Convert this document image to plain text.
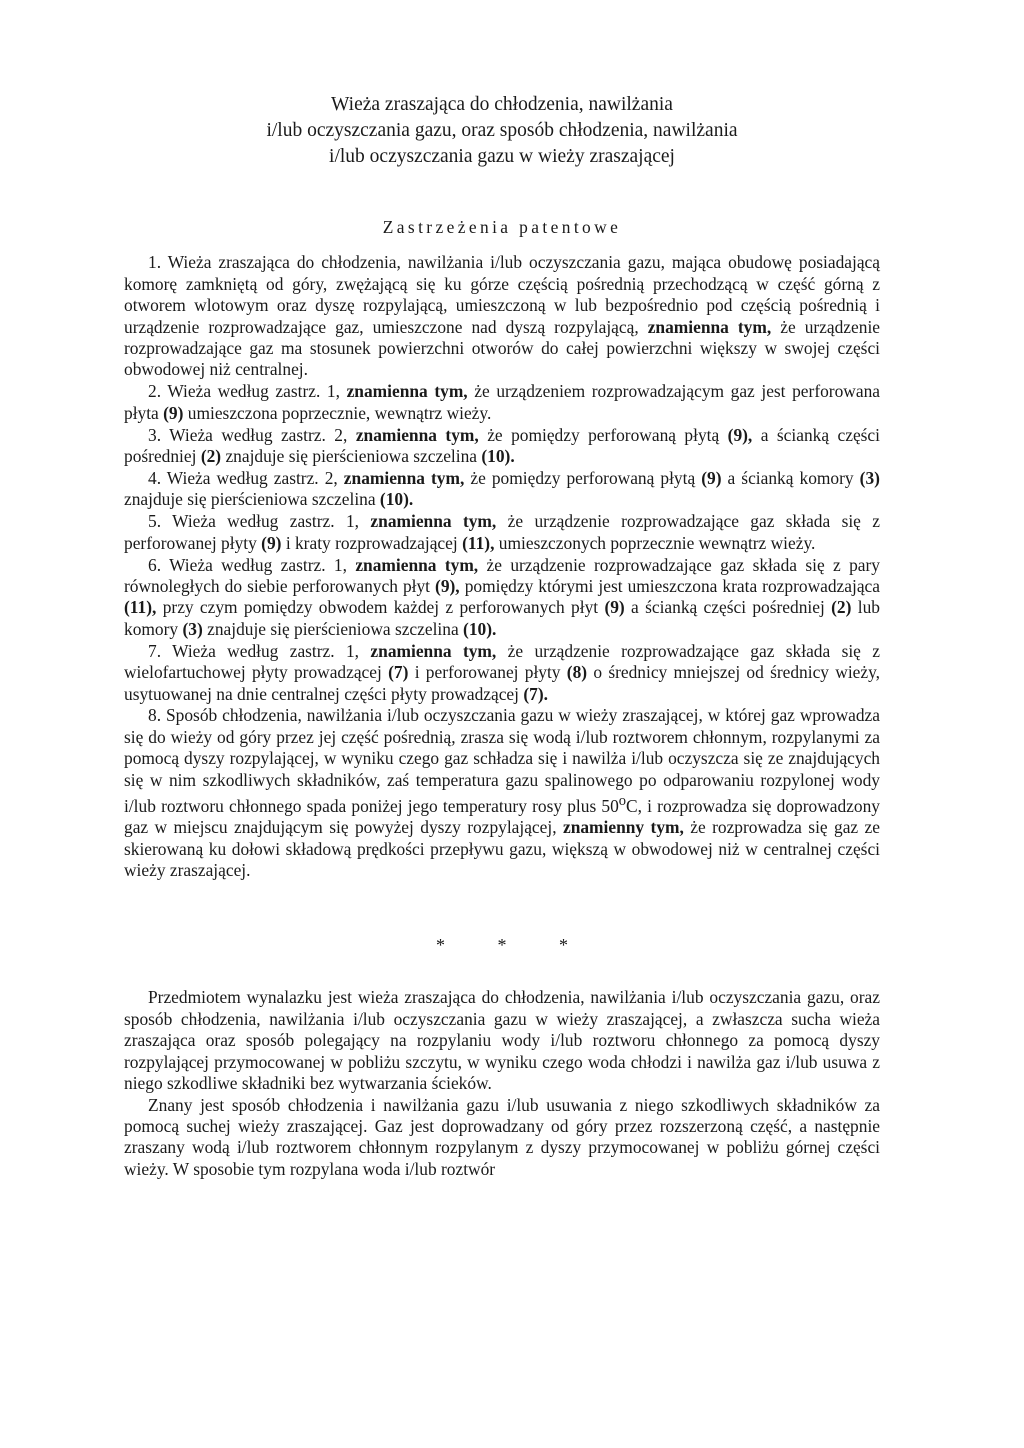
Wieża zraszająca do chłodzenia, nawilżania
i/lub oczyszczania gazu, oraz sposób chłodzenia, nawilżania
i/lub oczyszczania gazu w wieży zraszającej
Zastrzeżenia patentowe

1. Wieża zraszająca do chłodzenia, nawilżania i/lub oczyszczania gazu, mająca obudowę posiadającą komorę zamkniętą od góry, zwężającą się ku górze częścią pośrednią przechodzącą w część górną z otworem wlotowym oraz dyszę rozpylającą, umieszczoną w lub bezpośrednio pod częścią pośrednią i urządzenie rozprowadzające gaz, umieszczone nad dyszą rozpylającą, znamienna tym, że urządzenie rozprowadzające gaz ma stosunek powierzchni otworów do całej powierzchni większy w swojej części obwodowej niż centralnej.

2. Wieża według zastrz. 1, znamienna tym, że urządzeniem rozprowadzającym gaz jest perforowana płyta (9) umieszczona poprzecznie, wewnątrz wieży.

3. Wieża według zastrz. 2, znamienna tym, że pomiędzy perforowaną płytą (9), a ścianką części pośredniej (2) znajduje się pierścieniowa szczelina (10).

4. Wieża według zastrz. 2, znamienna tym, że pomiędzy perforowaną płytą (9) a ścianką komory (3) znajduje się pierścieniowa szczelina (10).

5. Wieża według zastrz. 1, znamienna tym, że urządzenie rozprowadzające gaz składa się z perforowanej płyty (9) i kraty rozprowadzającej (11), umieszczonych poprzecznie wewnątrz wieży.

6. Wieża według zastrz. 1, znamienna tym, że urządzenie rozprowadzające gaz składa się z pary równoległych do siebie perforowanych płyt (9), pomiędzy którymi jest umieszczona krata rozprowadzająca (11), przy czym pomiędzy obwodem każdej z perforowanych płyt (9) a ścianką części pośredniej (2) lub komory (3) znajduje się pierścieniowa szczelina (10).

7. Wieża według zastrz. 1, znamienna tym, że urządzenie rozprowadzające gaz składa się z wielofartuchowej płyty prowadzącej (7) i perforowanej płyty (8) o średnicy mniejszej od średnicy wieży, usytuowanej na dnie centralnej części płyty prowadzącej (7).

8. Sposób chłodzenia, nawilżania i/lub oczyszczania gazu w wieży zraszającej, w której gaz wprowadza się do wieży od góry przez jej część pośrednią, zrasza się wodą i/lub roztworem chłonnym, rozpylanymi za pomocą dyszy rozpylającej, w wyniku czego gaz schładza się i nawilża i/lub oczyszcza się ze znajdujących się w nim szkodliwych składników, zaś temperatura gazu spalinowego po odparowaniu rozpylonej wody i/lub roztworu chłonnego spada poniżej jego temperatury rosy plus 50$^o$C, i rozprowadza się doprowadzony gaz w miejscu znajdującym się powyżej dyszy rozpylającej, znamienny tym, że rozprowadza się gaz ze skierowaną ku dołowi składową prędkości przepływu gazu, większą w obwodowej niż w centralnej części wieży zraszającej.

* * *

Przedmiotem wynalazku jest wieża zraszająca do chłodzenia, nawilżania i/lub oczyszczania gazu, oraz sposób chłodzenia, nawilżania i/lub oczyszczania gazu w wieży zraszającej, a zwłaszcza sucha wieża zraszająca oraz sposób polegający na rozpylaniu wody i/lub roztworu chłonnego za pomocą dyszy rozpylającej przymocowanej w pobliżu szczytu, w wyniku czego woda chłodzi i nawilża gaz i/lub usuwa z niego szkodliwe składniki bez wytwarzania ścieków.

Znany jest sposób chłodzenia i nawilżania gazu i/lub usuwania z niego szkodliwych składników za pomocą suchej wieży zraszającej. Gaz jest doprowadzany od góry przez rozszerzoną część, a następnie zraszany wodą i/lub roztworem chłonnym rozpylanym z dyszy przymocowanej w pobliżu górnej części wieży. W sposobie tym rozpylana woda i/lub roztwór
